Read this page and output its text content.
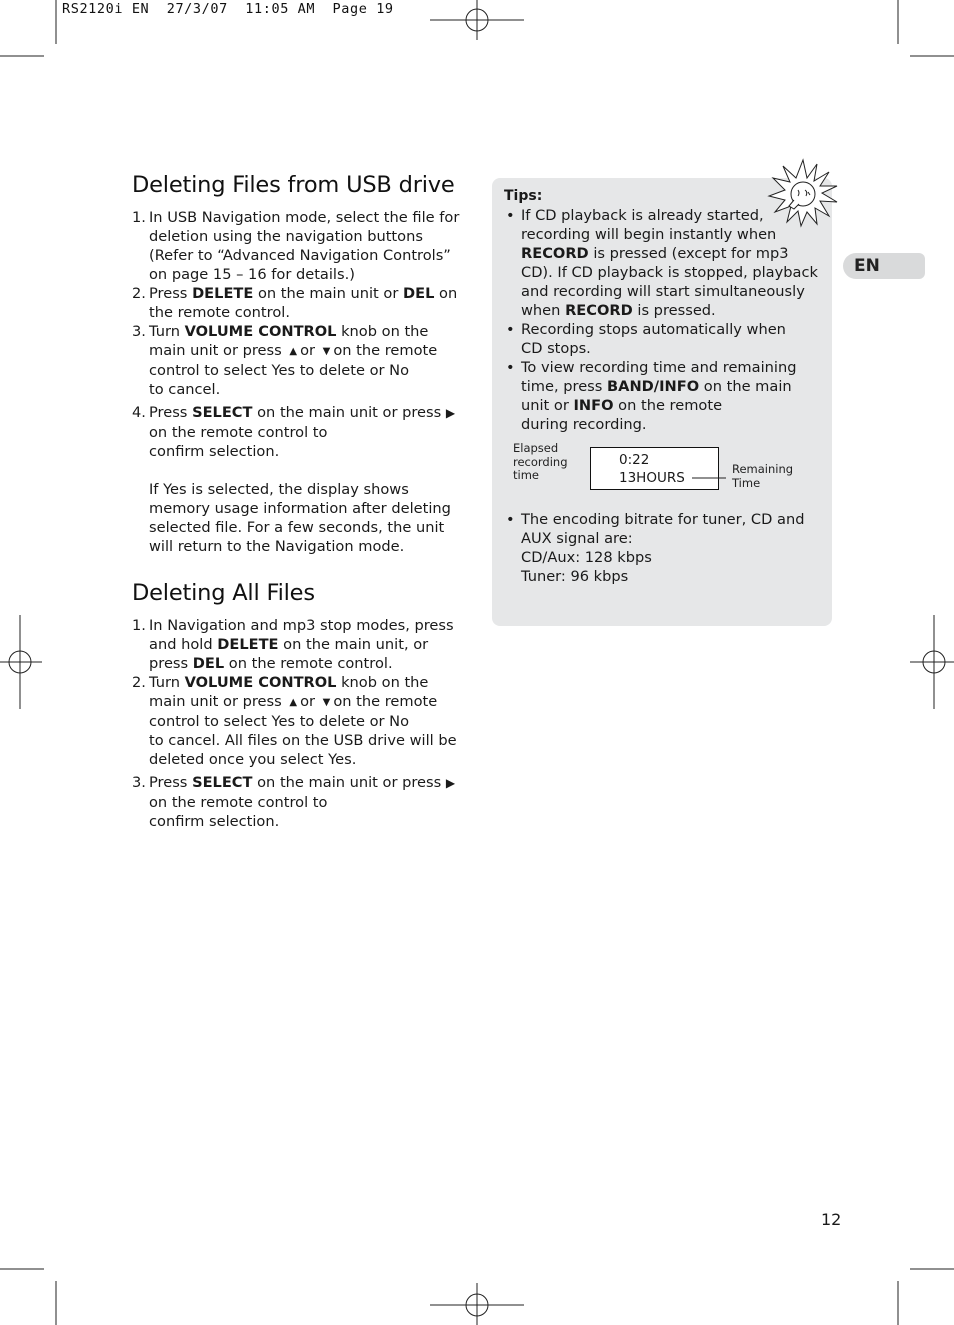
RS2120i EN  27/3/07  11:05 AM  Page 19
Deleting Files from USB drive
1. In USB Navigation mode, select the file for
deletion using the navigation buttons
(Refer to “Advanced Navigation Controls”
on page 15 – 16 for details.)
2. Press DELETE on the main unit or DEL on
the remote control.
3. Turn VOLUME CONTROL knob on the
main unit or press ▲ or ▼ on the remote
control to select Yes to delete or No
to cancel.
4. Press SELECT on the main unit or press ▶
on the remote control to
confirm selection.
If Yes is selected, the display shows
memory usage information after deleting
selected file. For a few seconds, the unit
will return to the Navigation mode.
Deleting All Files
1. In Navigation and mp3 stop modes, press
and hold DELETE on the main unit, or
press DEL on the remote control.
2. Turn VOLUME CONTROL knob on the
main unit or press ▲ or ▼ on the remote
control to select Yes to delete or No
to cancel. All files on the USB drive will be
deleted once you select Yes.
3. Press SELECT on the main unit or press ▶
on the remote control to
confirm selection.
Tips:
• If CD playback is already started,
recording will begin instantly when
RECORD is pressed (except for mp3
CD). If CD playback is stopped, playback
and recording will start simultaneously
when RECORD is pressed.
• Recording stops automatically when
CD stops.
• To view recording time and remaining
time, press BAND/INFO on the main
unit or INFO on the remote
during recording.
Elapsed
recording
time
0:22
13HOURS
Remaining
Time
• The encoding bitrate for tuner, CD and
AUX signal are:
CD/Aux: 128 kbps
Tuner: 96 kbps
EN
12
